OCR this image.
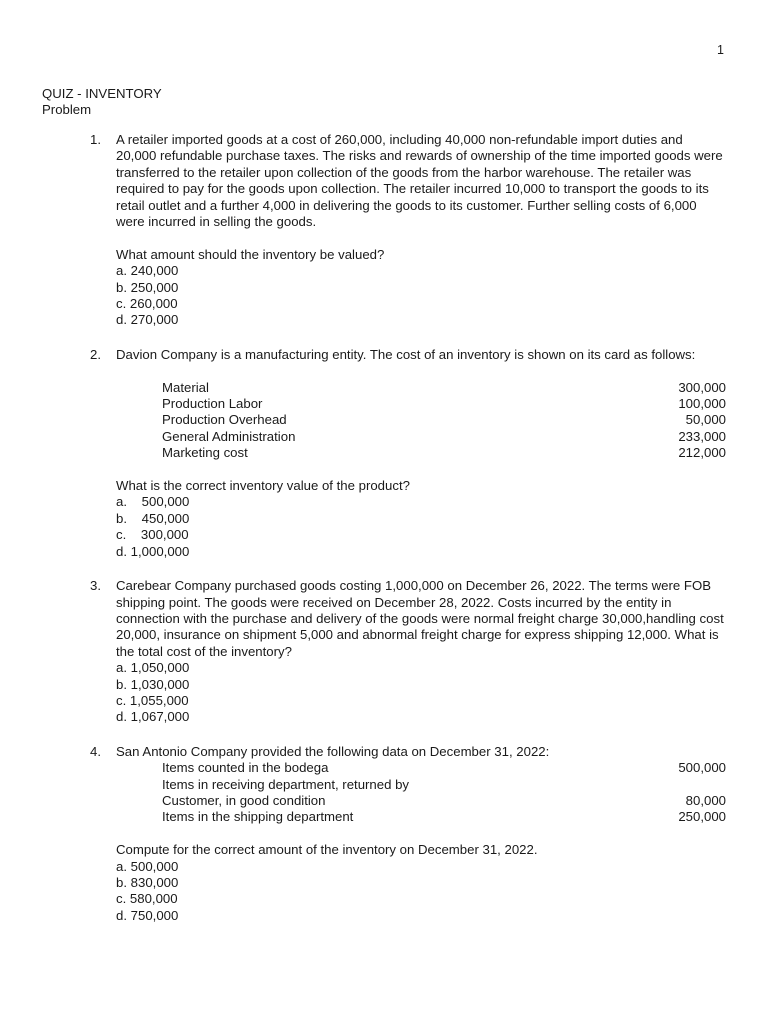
1
QUIZ - INVENTORY
Problem
1.	A retailer imported goods at a cost of 260,000, including 40,000 non-refundable import duties and 20,000 refundable purchase taxes. The risks and rewards of ownership of the time imported goods were transferred to the retailer upon collection of the goods from the harbor warehouse. The retailer was required to pay for the goods upon collection. The retailer incurred 10,000 to transport the goods to its retail outlet and a further 4,000 in delivering the goods to its customer. Further selling costs of 6,000 were incurred in selling the goods.

What amount should the inventory be valued?

a. 240,000
b. 250,000
c. 260,000
d. 270,000
2.	Davion Company is a manufacturing entity. The cost of an inventory is shown on its card as follows:

Material	300,000
Production Labor	100,000
Production Overhead	50,000
General Administration	233,000
Marketing cost	212,000

What is the correct inventory value of the product?

a.    500,000
b.    450,000
c.    300,000
d. 1,000,000
3.	Carebear Company purchased goods costing 1,000,000 on December 26, 2022. The terms were FOB shipping point. The goods were received on December 28, 2022. Costs incurred by the entity in connection with the purchase and delivery of the goods were normal freight charge 30,000,handling cost 20,000, insurance on shipment 5,000 and abnormal freight charge for express shipping 12,000. What is the total cost of the inventory?

a. 1,050,000
b. 1,030,000
c. 1,055,000
d. 1,067,000
4.	San Antonio Company provided the following data on December 31, 2022:

Items counted in the bodega	500,000
Items in receiving department, returned by	
Customer, in good condition	80,000
Items in the shipping department	250,000

Compute for the correct amount of the inventory on December 31, 2022.

a. 500,000
b. 830,000
c. 580,000
d. 750,000
